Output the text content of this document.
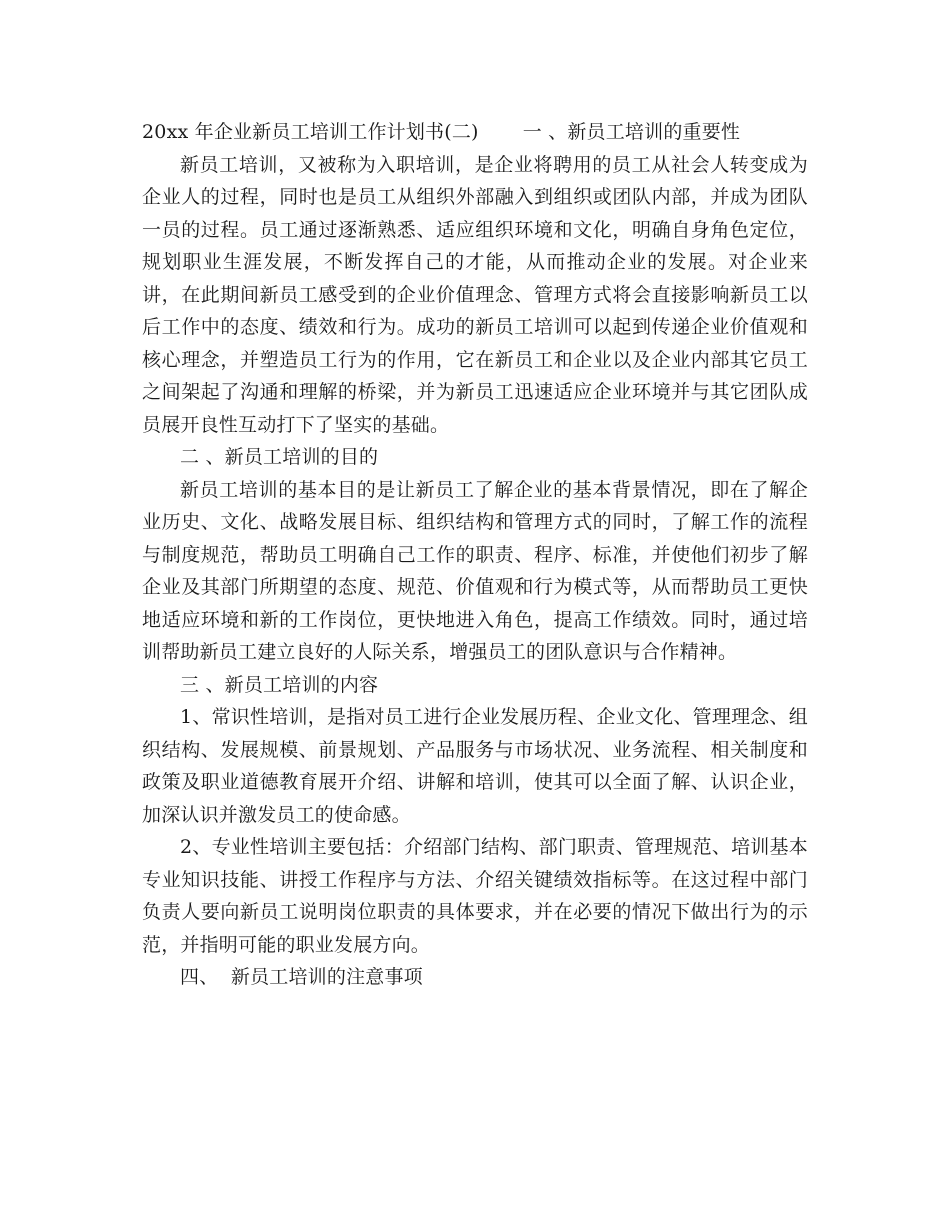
20xx 年企业新员工培训工作计划书(二) 一 、新员工培训的重要性

新员工培训，又被称为入职培训，是企业将聘用的员工从社会人转变成为企业人的过程，同时也是员工从组织外部融入到组织或团队内部，并成为团队一员的过程。员工通过逐渐熟悉、适应组织环境和文化，明确自身角色定位，规划职业生涯发展，不断发挥自己的才能，从而推动企业的发展。对企业来讲，在此期间新员工感受到的企业价值理念、管理方式将会直接影响新员工以后工作中的态度、绩效和行为。成功的新员工培训可以起到传递企业价值观和核心理念，并塑造员工行为的作用，它在新员工和企业以及企业内部其它员工之间架起了沟通和理解的桥梁，并为新员工迅速适应企业环境并与其它团队成员展开良性互动打下了坚实的基础。

二 、新员工培训的目的

新员工培训的基本目的是让新员工了解企业的基本背景情况，即在了解企业历史、文化、战略发展目标、组织结构和管理方式的同时，了解工作的流程与制度规范，帮助员工明确自己工作的职责、程序、标准，并使他们初步了解企业及其部门所期望的态度、规范、价值观和行为模式等，从而帮助员工更快地适应环境和新的工作岗位，更快地进入角色，提高工作绩效。同时，通过培训帮助新员工建立良好的人际关系，增强员工的团队意识与合作精神。

三 、新员工培训的内容

1、常识性培训，是指对员工进行企业发展历程、企业文化、管理理念、组织结构、发展规模、前景规划、产品服务与市场状况、业务流程、相关制度和政策及职业道德教育展开介绍、讲解和培训，使其可以全面了解、认识企业，加深认识并激发员工的使命感。

2、专业性培训主要包括：介绍部门结构、部门职责、管理规范、培训基本专业知识技能、讲授工作程序与方法、介绍关键绩效指标等。在这过程中部门负责人要向新员工说明岗位职责的具体要求，并在必要的情况下做出行为的示范，并指明可能的职业发展方向。

四、  新员工培训的注意事项
